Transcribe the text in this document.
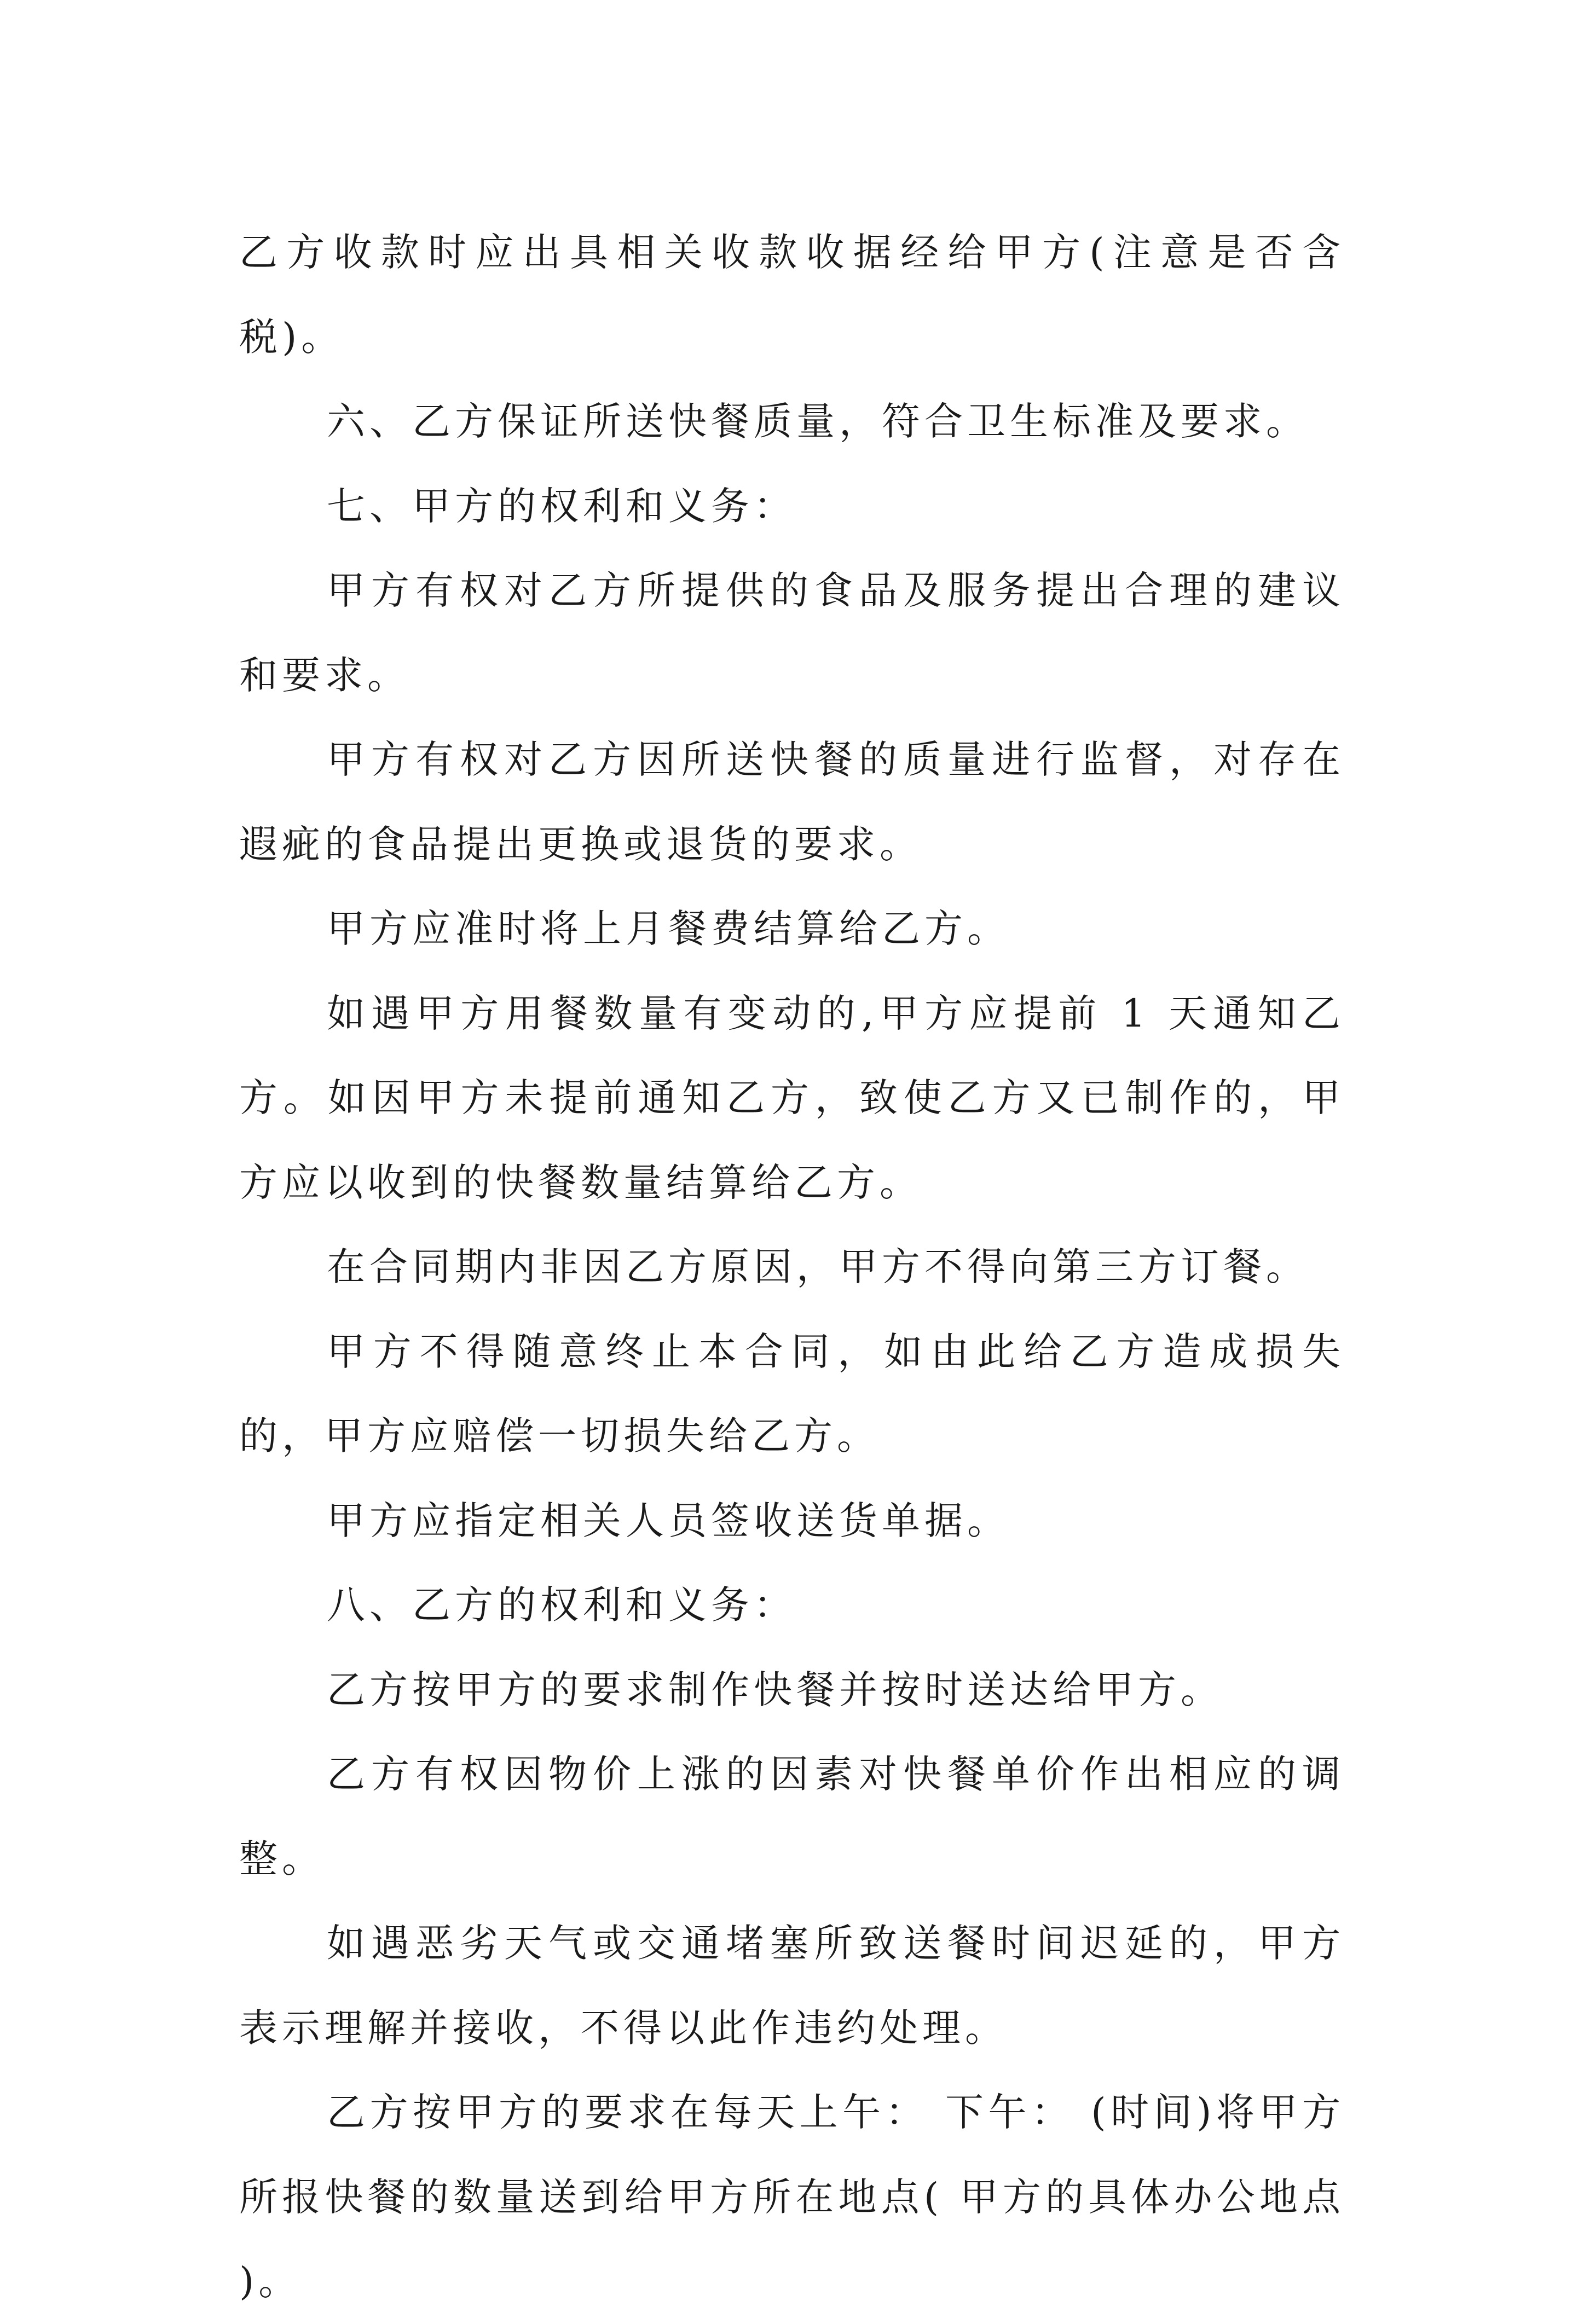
乙方收款时应出具相关收款收据经给甲方(注意是否含税)。

六、乙方保证所送快餐质量，符合卫生标准及要求。

七、甲方的权利和义务：

甲方有权对乙方所提供的食品及服务提出合理的建议和要求。

甲方有权对乙方因所送快餐的质量进行监督，对存在遐疵的食品提出更换或退货的要求。

甲方应准时将上月餐费结算给乙方。

如遇甲方用餐数量有变动的,甲方应提前 1 天通知乙方。如因甲方未提前通知乙方，致使乙方又已制作的，甲方应以收到的快餐数量结算给乙方。

在合同期内非因乙方原因，甲方不得向第三方订餐。

甲方不得随意终止本合同，如由此给乙方造成损失的，甲方应赔偿一切损失给乙方。

甲方应指定相关人员签收送货单据。

八、乙方的权利和义务：

乙方按甲方的要求制作快餐并按时送达给甲方。

乙方有权因物价上涨的因素对快餐单价作出相应的调整。

如遇恶劣天气或交通堵塞所致送餐时间迟延的，甲方表示理解并接收，不得以此作违约处理。

乙方按甲方的要求在每天上午： 下午： (时间)将甲方所报快餐的数量送到给甲方所在地点( 甲方的具体办公地点 )。
